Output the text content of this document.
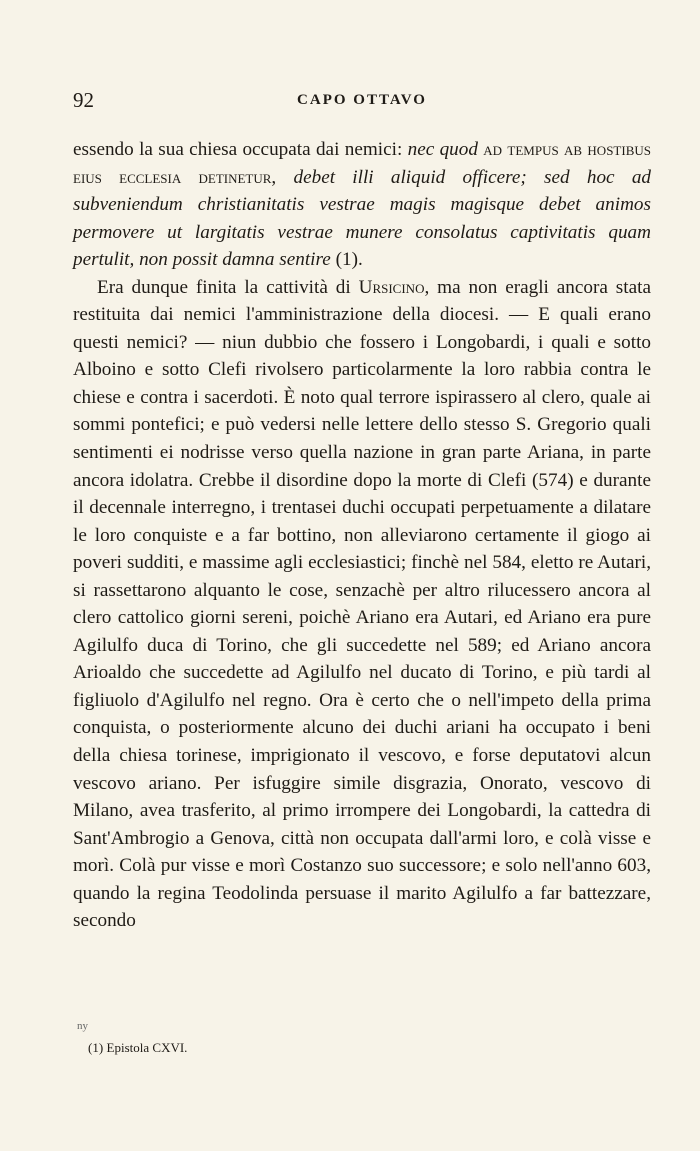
92	CAPO OTTAVO

essendo la sua chiesa occupata dai nemici: nec quod ad tempus ab hostibus eius ecclesia detinetur, debet illi aliquid officere; sed hoc ad subveniendum christianitatis vestrae magis magisque debet animos permovere ut largitatis vestrae munere consolatus captivitatis quam pertulit, non possit damna sentire (1).

Era dunque finita la cattività di Ursicino, ma non eragli ancora stata restituita dai nemici l'amministrazione della diocesi. — E quali erano questi nemici? — niun dubbio che fossero i Longobardi, i quali e sotto Alboino e sotto Clefi rivolsero particolarmente la loro rabbia contra le chiese e contra i sacerdoti. È noto qual terrore ispirassero al clero, quale ai sommi pontefici; e può vedersi nelle lettere dello stesso S. Gregorio quali sentimenti ei nodrisse verso quella nazione in gran parte Ariana, in parte ancora idolatra. Crebbe il disordine dopo la morte di Clefi (574) e durante il decennale interregno, i trentasei duchi occupati perpetuamente a dilatare le loro conquiste e a far bottino, non alleviarono certamente il giogo ai poveri sudditi, e massime agli ecclesiastici; finchè nel 584, eletto re Autari, si rassettarono alquanto le cose, senzachè per altro rilucessero ancora al clero cattolico giorni sereni, poichè Ariano era Autari, ed Ariano era pure Agilulfo duca di Torino, che gli succedette nel 589; ed Ariano ancora Arioaldo che succedette ad Agilulfo nel ducato di Torino, e più tardi al figliuolo d'Agilulfo nel regno. Ora è certo che o nell'impeto della prima conquista, o posteriormente alcuno dei duchi ariani ha occupato i beni della chiesa torinese, imprigionato il vescovo, e forse deputatovi alcun vescovo ariano. Per isfuggire simile disgrazia, Onorato, vescovo di Milano, avea trasferito, al primo irrompere dei Longobardi, la cattedra di Sant'Ambrogio a Genova, città non occupata dall'armi loro, e colà visse e morì. Colà pur visse e morì Costanzo suo successore; e solo nell'anno 603, quando la regina Teodolinda persuase il marito Agilulfo a far battezzare, secondo

ny
(1) Epistola CXVI.
